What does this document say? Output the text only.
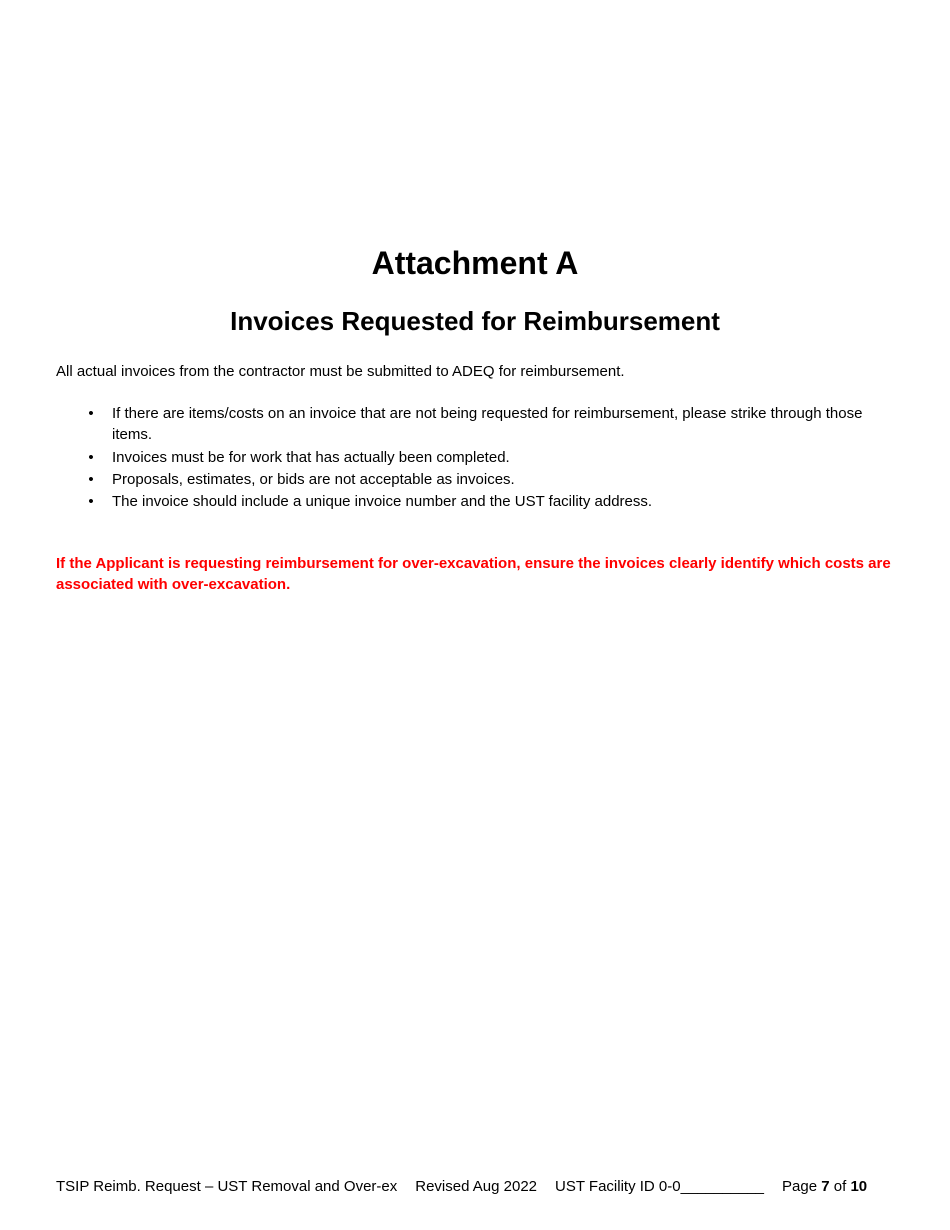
Attachment A
Invoices Requested for Reimbursement

All actual invoices from the contractor must be submitted to ADEQ for reimbursement.

• If there are items/costs on an invoice that are not being requested for reimbursement, please strike through those items.
• Invoices must be for work that has actually been completed.
• Proposals, estimates, or bids are not acceptable as invoices.
• The invoice should include a unique invoice number and the UST facility address.

If the Applicant is requesting reimbursement for over-excavation, ensure the invoices clearly identify which costs are associated with over-excavation.

TSIP Reimb. Request – UST Removal and Over-ex Revised Aug 2022 UST Facility ID 0-0__________ Page 7 of 10
